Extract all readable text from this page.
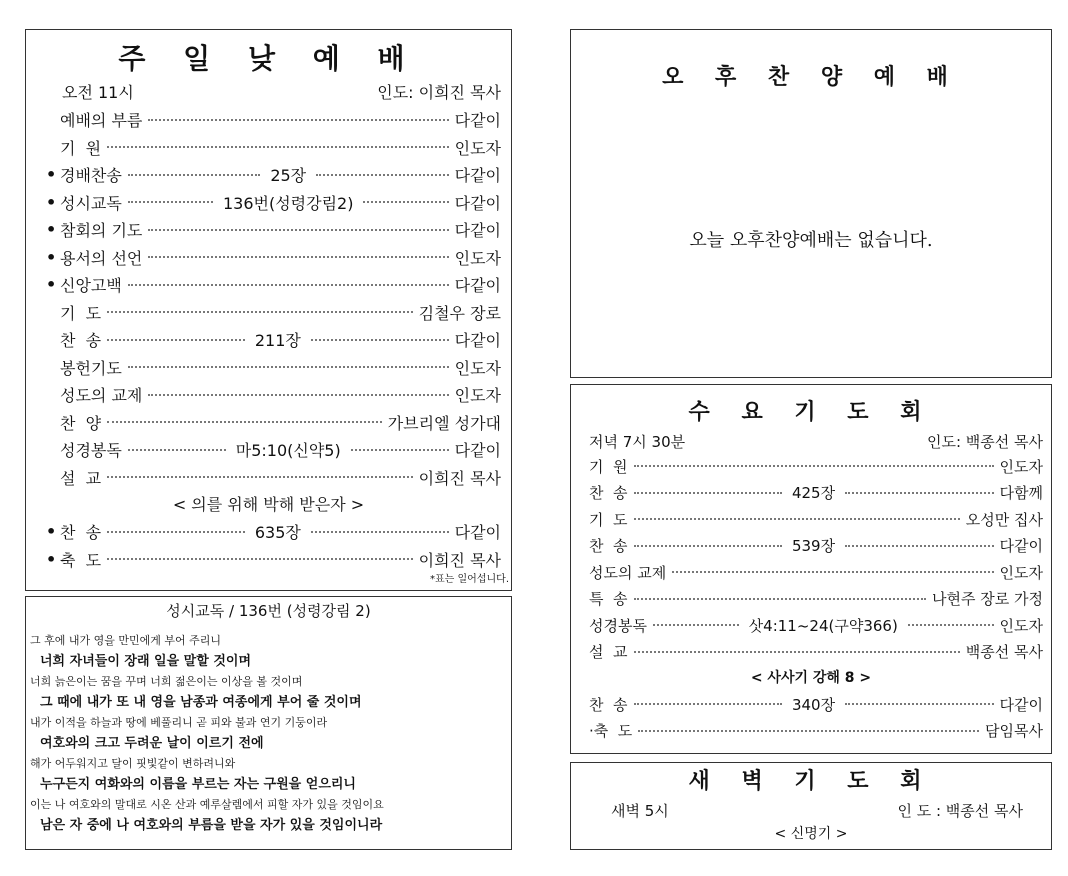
주 일 낮 예 배
오전 11시	인도: 이희진 목사
예배의 부름	다같이
기  원	인도자
• 경배찬송	25장	다같이
• 성시교독	136번(성령강림2)	다같이
• 참회의 기도	다같이
• 용서의 선언	인도자
• 신앙고백	다같이
기  도	김철우 장로
찬  송	211장	다같이
봉헌기도	인도자
성도의 교제	인도자
찬  양	가브리엘 성가대
성경봉독	마5:10(신약5)	다같이
설  교	이희진 목사
< 의를 위해 박해 받은자 >
• 찬  송	635장	다같이
• 축  도	이희진 목사
*표는 일어섭니다.
성시교독 / 136번 (성령강림 2)
그 후에 내가 영을 만민에게 부어 주리니
너희 자녀들이 장래 일을 말할 것이며
너희 늙은이는 꿈을 꾸며 너희 젊은이는 이상을 볼 것이며
그 때에 내가 또 내 영을 남종과 여종에게 부어 줄 것이며
내가 이적을 하늘과 땅에 베풀리니 곧 피와 불과 연기 기둥이라
여호와의 크고 두려운 날이 이르기 전에
해가 어두워지고 달이 핏빛같이 변하려니와
누구든지 여화와의 이름을 부르는 자는 구원을 얻으리니
이는 나 여호와의 말대로 시온 산과 예루살렘에서 피할 자가 있을 것임이요
남은 자 중에 나 여호와의 부름을 받을 자가 있을 것임이니라
오 후 찬 양 예 배
오늘 오후찬양예배는 없습니다.
수 요 기 도 회
저녁 7시 30분	인도: 백종선 목사
기  원	인도자
찬  송	425장	다함께
기  도	오성만 집사
찬  송	539장	다같이
성도의 교제	인도자
특  송	나현주 장로 가정
성경봉독	삿4:11~24(구약366)	인도자
설  교	백종선 목사
< 사사기 강해 8 >
찬  송	340장	다같이
·축  도	담임목사
새 벽 기 도 회
새벽 5시	인 도 : 백종선 목사
< 신명기 >
